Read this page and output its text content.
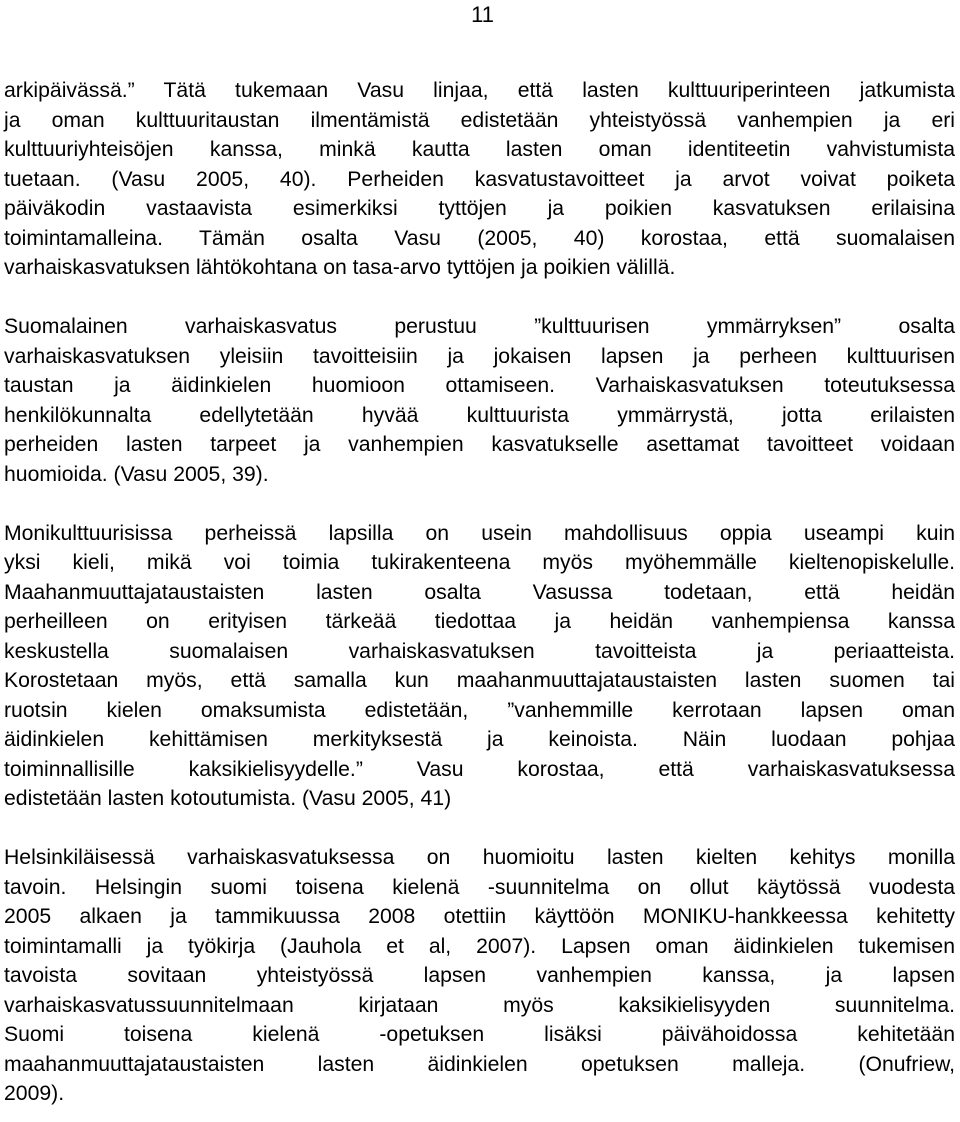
11
arkipäivässä.” Tätä tukemaan Vasu linjaa, että lasten kulttuuriperinteen jatkumista
ja oman kulttuuritaustan ilmentämistä edistetään yhteistyössä vanhempien ja eri
kulttuuriyhteisöjen kanssa, minkä kautta lasten oman identiteetin vahvistumista
tuetaan. (Vasu 2005, 40). Perheiden kasvatustavoitteet ja arvot voivat poiketa
päiväkodin vastaavista esimerkiksi tyttöjen ja poikien kasvatuksen erilaisina
toimintamalleina. Tämän osalta Vasu (2005, 40) korostaa, että suomalaisen
varhaiskasvatuksen lähtökohtana on tasa-arvo tyttöjen ja poikien välillä.
Suomalainen varhaiskasvatus perustuu ”kulttuurisen ymmärryksen” osalta
varhaiskasvatuksen yleisiin tavoitteisiin ja jokaisen lapsen ja perheen kulttuurisen
taustan ja äidinkielen huomioon ottamiseen. Varhaiskasvatuksen toteutuksessa
henkilökunnalta edellytetään hyvää kulttuurista ymmärrystä, jotta erilaisten
perheiden lasten tarpeet ja vanhempien kasvatukselle asettamat tavoitteet voidaan
huomioida. (Vasu 2005, 39).
Monikulttuurisissa perheissä lapsilla on usein mahdollisuus oppia useampi kuin
yksi kieli, mikä voi toimia tukirakenteena myös myöhemmälle kieltenopiskelulle.
Maahanmuuttajataustaisten lasten osalta Vasussa todetaan, että heidän
perheilleen on erityisen tärkeää tiedottaa ja heidän vanhempiensa kanssa
keskustella suomalaisen varhaiskasvatuksen tavoitteista ja periaatteista.
Korostetaan myös, että samalla kun maahanmuuttajataustaisten lasten suomen tai
ruotsin kielen omaksumista edistetään, ”vanhemmille kerrotaan lapsen oman
äidinkielen kehittämisen merkityksestä ja keinoista. Näin luodaan pohjaa
toiminnallisille kaksikielisyydelle.” Vasu korostaa, että varhaiskasvatuksessa
edistetään lasten kotoutumista. (Vasu 2005, 41)
Helsinkiläisessä varhaiskasvatuksessa on huomioitu lasten kielten kehitys monilla
tavoin. Helsingin suomi toisena kielenä -suunnitelma on ollut käytössä vuodesta
2005 alkaen ja tammikuussa 2008 otettiin käyttöön MONIKU-hankkeessa kehitetty
toimintamalli ja työkirja (Jauhola et al, 2007). Lapsen oman äidinkielen tukemisen
tavoista sovitaan yhteistyössä lapsen vanhempien kanssa, ja lapsen
varhaiskasvatussuunnitelmaan kirjataan myös kaksikielisyyden suunnitelma.
Suomi toisena kielenä -opetuksen lisäksi päivähoidossa kehitetään
maahanmuuttajataustaisten lasten äidinkielen opetuksen malleja. (Onufriew,
2009).
